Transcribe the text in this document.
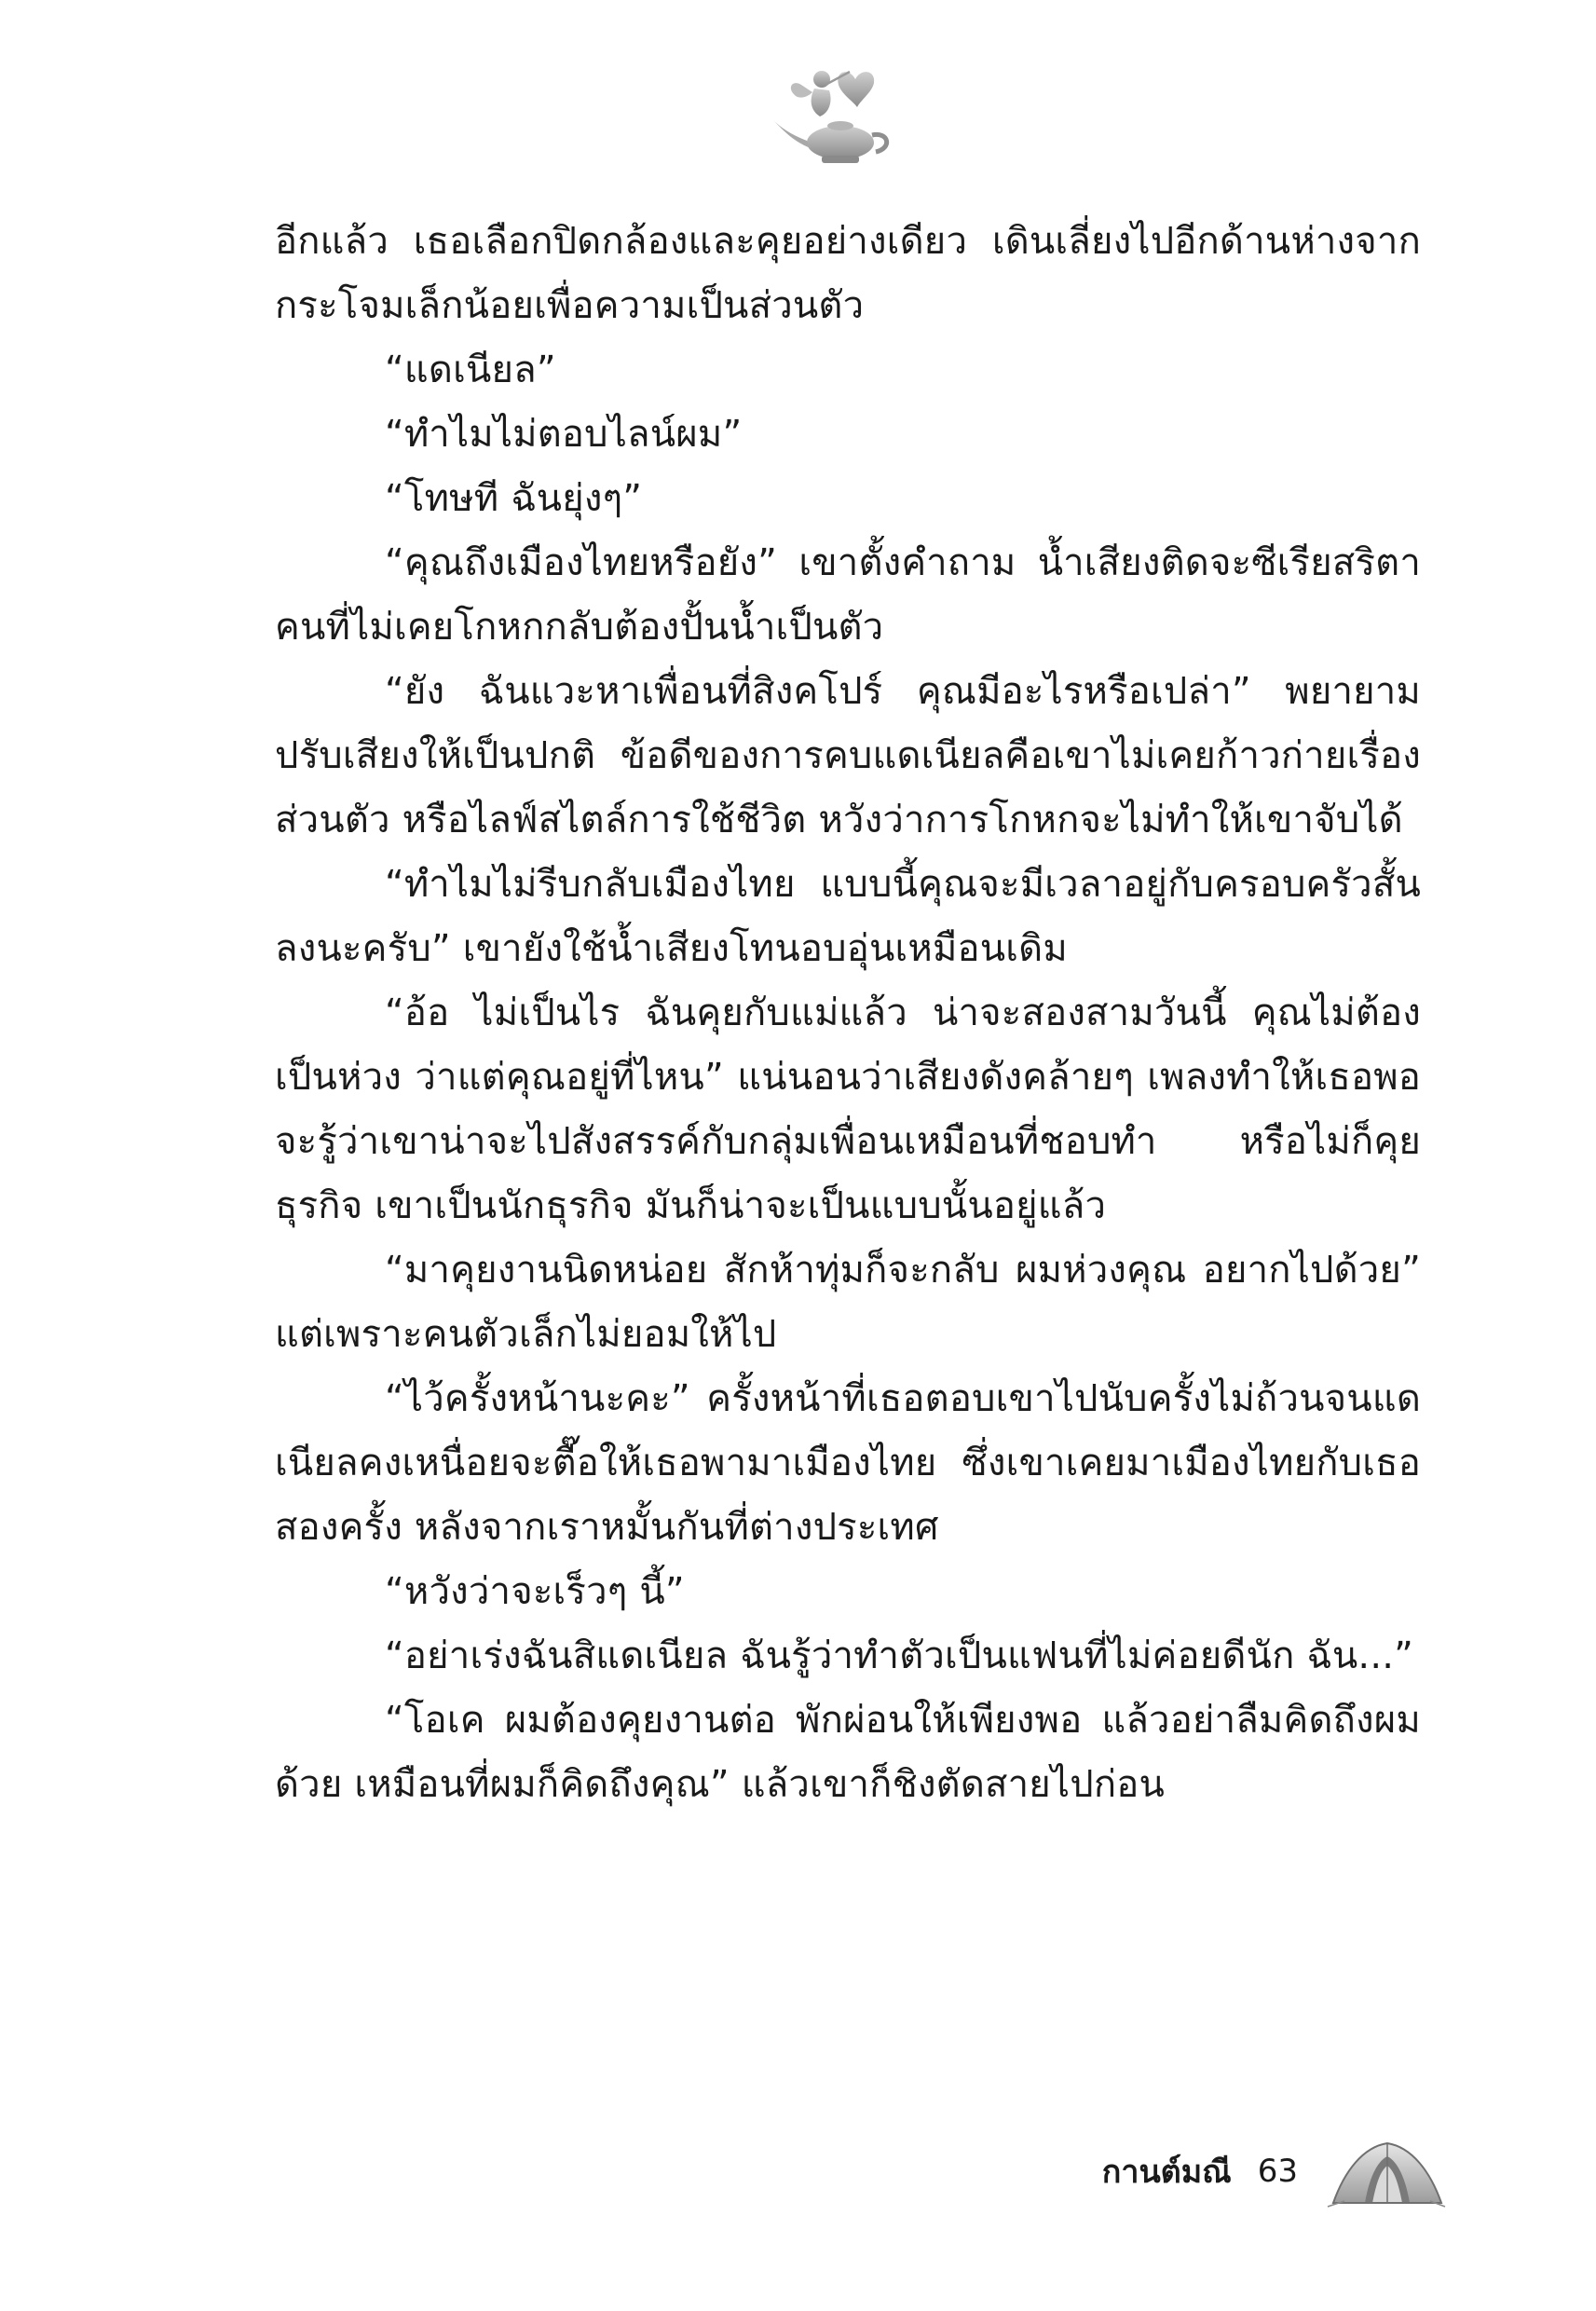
อีกแล้ว เธอเลือกปิดกล้องและคุยอย่างเดียว เดินเลี่ยงไปอีกด้านห่างจากกระโจมเล็กน้อยเพื่อความเป็นส่วนตัว

“แดเนียล”

“ทำไมไม่ตอบไลน์ผม”

“โทษที ฉันยุ่งๆ”

“คุณถึงเมืองไทยหรือยัง” เขาตั้งคำถาม น้ำเสียงติดจะซีเรียสริตาคนที่ไม่เคยโกหกกลับต้องปั้นน้ำเป็นตัว

“ยัง ฉันแวะหาเพื่อนที่สิงคโปร์ คุณมีอะไรหรือเปล่า” พยายามปรับเสียงให้เป็นปกติ ข้อดีของการคบแดเนียลคือเขาไม่เคยก้าวก่ายเรื่องส่วนตัว หรือไลฟ์สไตล์การใช้ชีวิต หวังว่าการโกหกจะไม่ทำให้เขาจับได้

“ทำไมไม่รีบกลับเมืองไทย แบบนี้คุณจะมีเวลาอยู่กับครอบครัวสั้นลงนะครับ” เขายังใช้น้ำเสียงโทนอบอุ่นเหมือนเดิม

“อ้อ ไม่เป็นไร ฉันคุยกับแม่แล้ว น่าจะสองสามวันนี้ คุณไม่ต้องเป็นห่วง ว่าแต่คุณอยู่ที่ไหน” แน่นอนว่าเสียงดังคล้ายๆ เพลงทำให้เธอพอจะรู้ว่าเขาน่าจะไปสังสรรค์กับกลุ่มเพื่อนเหมือนที่ชอบทำ หรือไม่ก็คุยธุรกิจ เขาเป็นนักธุรกิจ มันก็น่าจะเป็นแบบนั้นอยู่แล้ว

“มาคุยงานนิดหน่อย สักห้าทุ่มก็จะกลับ ผมห่วงคุณ อยากไปด้วย” แต่เพราะคนตัวเล็กไม่ยอมให้ไป

“ไว้ครั้งหน้านะคะ” ครั้งหน้าที่เธอตอบเขาไปนับครั้งไม่ถ้วนจนแดเนียลคงเหนื่อยจะตื๊อให้เธอพามาเมืองไทย ซึ่งเขาเคยมาเมืองไทยกับเธอสองครั้ง หลังจากเราหมั้นกันที่ต่างประเทศ

“หวังว่าจะเร็วๆ นี้”

“อย่าเร่งฉันสิแดเนียล ฉันรู้ว่าทำตัวเป็นแฟนที่ไม่ค่อยดีนัก ฉัน...”

“โอเค ผมต้องคุยงานต่อ พักผ่อนให้เพียงพอ แล้วอย่าลืมคิดถึงผมด้วย เหมือนที่ผมก็คิดถึงคุณ” แล้วเขาก็ชิงตัดสายไปก่อน

กานต์มณี 63
